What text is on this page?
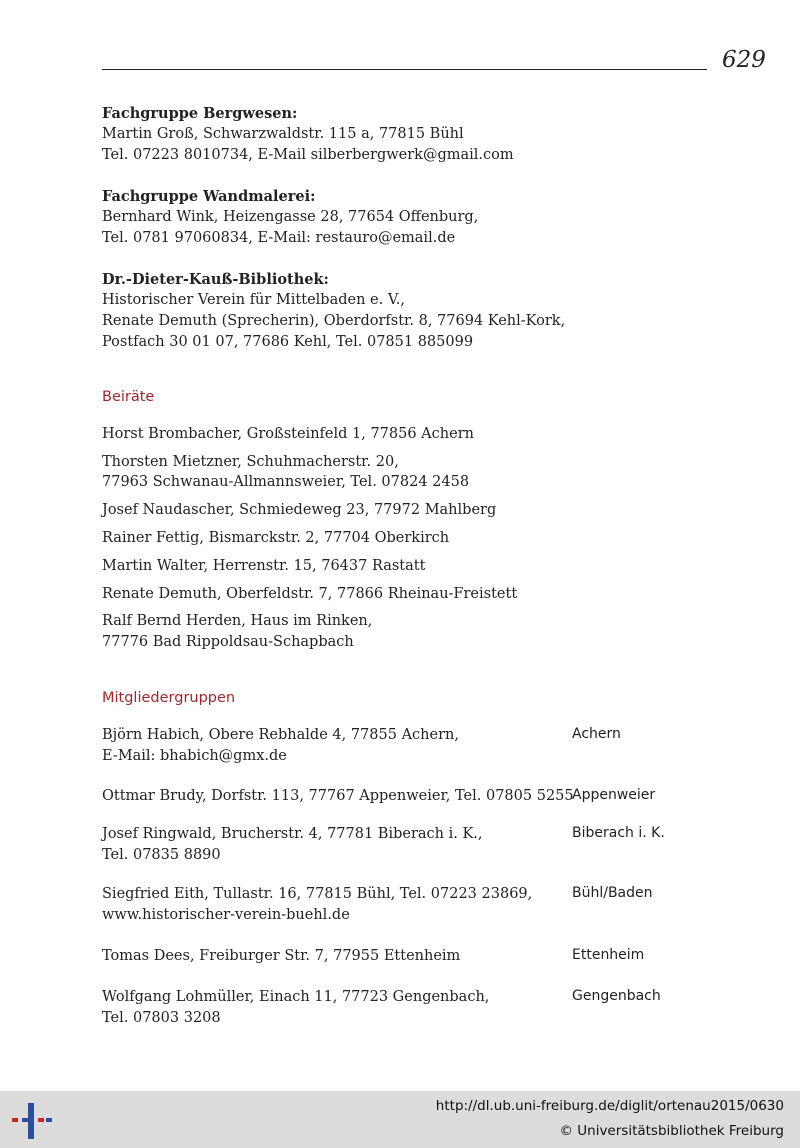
629
Fachgruppe Bergwesen:
Martin Groß, Schwarzwaldstr. 115 a, 77815 Bühl
Tel. 07223 8010734, E-Mail silberbergwerk@gmail.com
Fachgruppe Wandmalerei:
Bernhard Wink, Heizengasse 28, 77654 Offenburg,
Tel. 0781 97060834, E-Mail: restauro@email.de
Dr.-Dieter-Kauß-Bibliothek:
Historischer Verein für Mittelbaden e. V.,
Renate Demuth (Sprecherin), Oberdorfstr. 8, 77694 Kehl-Kork,
Postfach 30 01 07, 77686 Kehl, Tel. 07851 885099
Beiräte
Horst Brombacher, Großsteinfeld 1, 77856 Achern
Thorsten Mietzner, Schuhmacherstr. 20,
77963 Schwanau-Allmannsweier, Tel. 07824 2458
Josef Naudascher, Schmiedeweg 23, 77972 Mahlberg
Rainer Fettig, Bismarckstr. 2, 77704 Oberkirch
Martin Walter, Herrenstr. 15, 76437 Rastatt
Renate Demuth, Oberfeldstr. 7, 77866 Rheinau-Freistett
Ralf Bernd Herden, Haus im Rinken,
77776 Bad Rippoldsau-Schapbach
Mitgliedergruppen
Björn Habich, Obere Rebhalde 4, 77855 Achern,
E-Mail: bhabich@gmx.de
Achern
Ottmar Brudy, Dorfstr. 113, 77767 Appenweier, Tel. 07805 5255
Appenweier
Josef Ringwald, Brucherstr. 4, 77781 Biberach i. K.,
Tel. 07835 8890
Biberach i. K.
Siegfried Eith, Tullastr. 16, 77815 Bühl, Tel. 07223 23869,
www.historischer-verein-buehl.de
Bühl/Baden
Tomas Dees, Freiburger Str. 7, 77955 Ettenheim	Ettenheim
Wolfgang Lohmüller, Einach 11, 77723 Gengenbach,
Tel. 07803 3208
Gengenbach
http://dl.ub.uni-freiburg.de/diglit/ortenau2015/0630
© Universitätsbibliothek Freiburg
